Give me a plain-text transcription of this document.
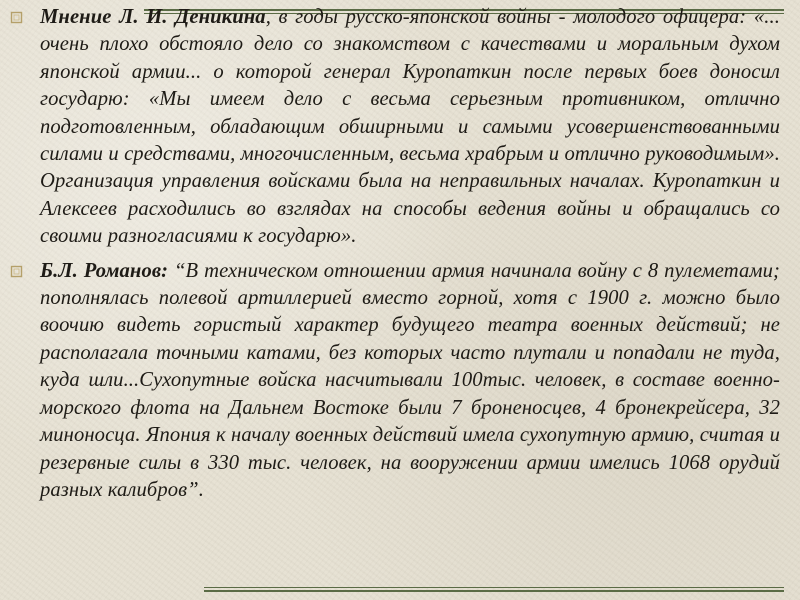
Мнение Л. И. Деникина, в годы русско-японской войны - молодого офицера: «... очень плохо обстояло дело со знакомством с качествами и моральным духом японской армии... о которой генерал Куропаткин после первых боев доносил государю: «Мы имеем дело с весьма серьезным противником, отлично подготовленным, обладающим обширными и самыми усовершенствованными силами и средствами, многочисленным, весьма храбрым и отлично руководимым». Организация управления войсками была на неправильных началах. Куропаткин и Алексеев расходились во взглядах на способы ведения войны и обращались со своими разногласиями к государю».

Б.Л. Романов: “В техническом отношении армия начинала войну с 8 пулеметами; пополнялась полевой артиллерией вместо горной, хотя с 1900 г. можно было воочию видеть гористый характер будущего театра военных действий; не располагала точными катами, без которых часто плутали и попадали не туда, куда шли...Сухопутные войска насчитывали 100тыс. человек, в составе военно-морского флота на Дальнем Востоке были 7 броненосцев, 4 бронекрейсера, 32 миноносца. Япония к началу военных действий имела сухопутную армию, считая и резервные силы в 330 тыс. человек, на вооружении армии имелись 1068 орудий разных калибров”.
